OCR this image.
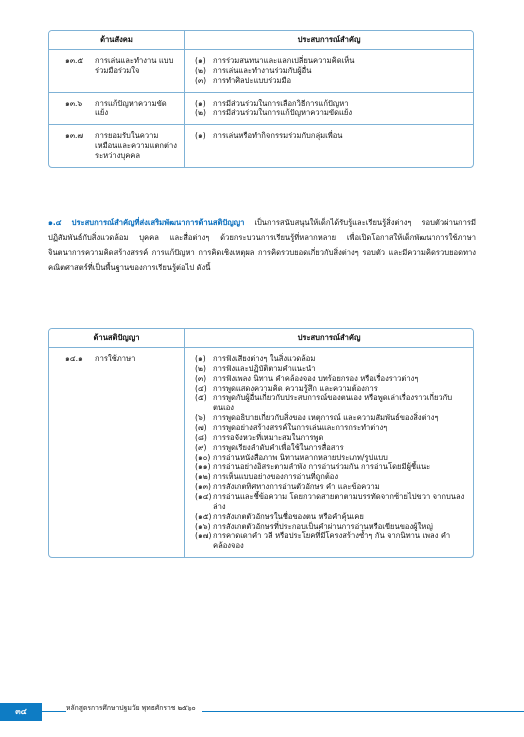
ด้านสังคม	ประสบการณ์สำคัญ
๑๓.๕	การเล่นและทำงาน แบบร่วมมือร่วมใจ
(๑) การร่วมสนทนาและแลกเปลี่ยนความคิดเห็น
(๒) การเล่นและทำงานร่วมกับผู้อื่น
(๓) การทำศิลปะแบบร่วมมือ
๑๓.๖	การแก้ปัญหาความขัดแย้ง
(๑) การมีส่วนร่วมในการเลือกวิธีการแก้ปัญหา
(๒) การมีส่วนร่วมในการแก้ปัญหาความขัดแย้ง
๑๓.๗	การยอมรับในความเหมือนและความแตกต่างระหว่างบุคคล
(๑) การเล่นหรือทำกิจกรรมร่วมกับกลุ่มเพื่อน
๑.๔ ประสบการณ์สำคัญที่ส่งเสริมพัฒนาการด้านสติปัญญา เป็นการสนับสนุนให้เด็กได้รับรู้และเรียนรู้สิ่งต่างๆ รอบตัวผ่านการมีปฏิสัมพันธ์กับสิ่งแวดล้อม บุคคล และสื่อต่างๆ ด้วยกระบวนการเรียนรู้ที่หลากหลาย เพื่อเปิดโอกาสให้เด็กพัฒนาการใช้ภาษา จินตนาการความคิดสร้างสรรค์ การแก้ปัญหา การคิดเชิงเหตุผล การคิดรวบยอดเกี่ยวกับสิ่งต่างๆ รอบตัว และมีความคิดรวบยอดทางคณิตศาสตร์ที่เป็นพื้นฐานของการเรียนรู้ต่อไป ดังนี้
ด้านสติปัญญา	ประสบการณ์สำคัญ
๑๔.๑	การใช้ภาษา	(๑) การฟังเสียงต่างๆ ในสิ่งแวดล้อม
(๒) การฟังและปฏิบัติตามคำแนะนำ
(๓) การฟังเพลง นิทาน คำคล้องจอง บทร้อยกรอง หรือเรื่องราวต่างๆ
(๔) การพูดแสดงความคิด ความรู้สึก และความต้องการ
(๕) การพูดกับผู้อื่นเกี่ยวกับประสบการณ์ของตนเอง หรือพูดเล่าเรื่องราวเกี่ยวกับตนเอง
(๖) การพูดอธิบายเกี่ยวกับสิ่งของ เหตุการณ์ และความสัมพันธ์ของสิ่งต่างๆ
(๗) การพูดอย่างสร้างสรรค์ในการเล่นและการกระทำต่างๆ
(๘) การรอจังหวะที่เหมาะสมในการพูด
(๙) การพูดเรียงลำดับคำเพื่อใช้ในการสื่อสาร
(๑๐) การอ่านหนังสือภาพ นิทานหลากหลายประเภท/รูปแบบ
(๑๑) การอ่านอย่างอิสระตามลำพัง การอ่านร่วมกัน การอ่านโดยมีผู้ชี้แนะ
(๑๒) การเห็นแบบอย่างของการอ่านที่ถูกต้อง
(๑๓) การสังเกตทิศทางการอ่านตัวอักษร คำ และข้อความ
(๑๔) การอ่านและชี้ข้อความ โดยกวาดสายตาตามบรรทัดจากซ้ายไปขวา จากบนลงล่าง
(๑๕) การสังเกตตัวอักษรในชื่อของตน หรือคำคุ้นเคย
(๑๖) การสังเกตตัวอักษรที่ประกอบเป็นคำผ่านการอ่านหรือเขียนของผู้ใหญ่
(๑๗) การคาดเดาคำ วลี หรือประโยคที่มีโครงสร้างซ้ำๆ กัน จากนิทาน เพลง คำคล้องจอง
๓๔	หลักสูตรการศึกษาปฐมวัย พุทธศักราช ๒๕๖๐
